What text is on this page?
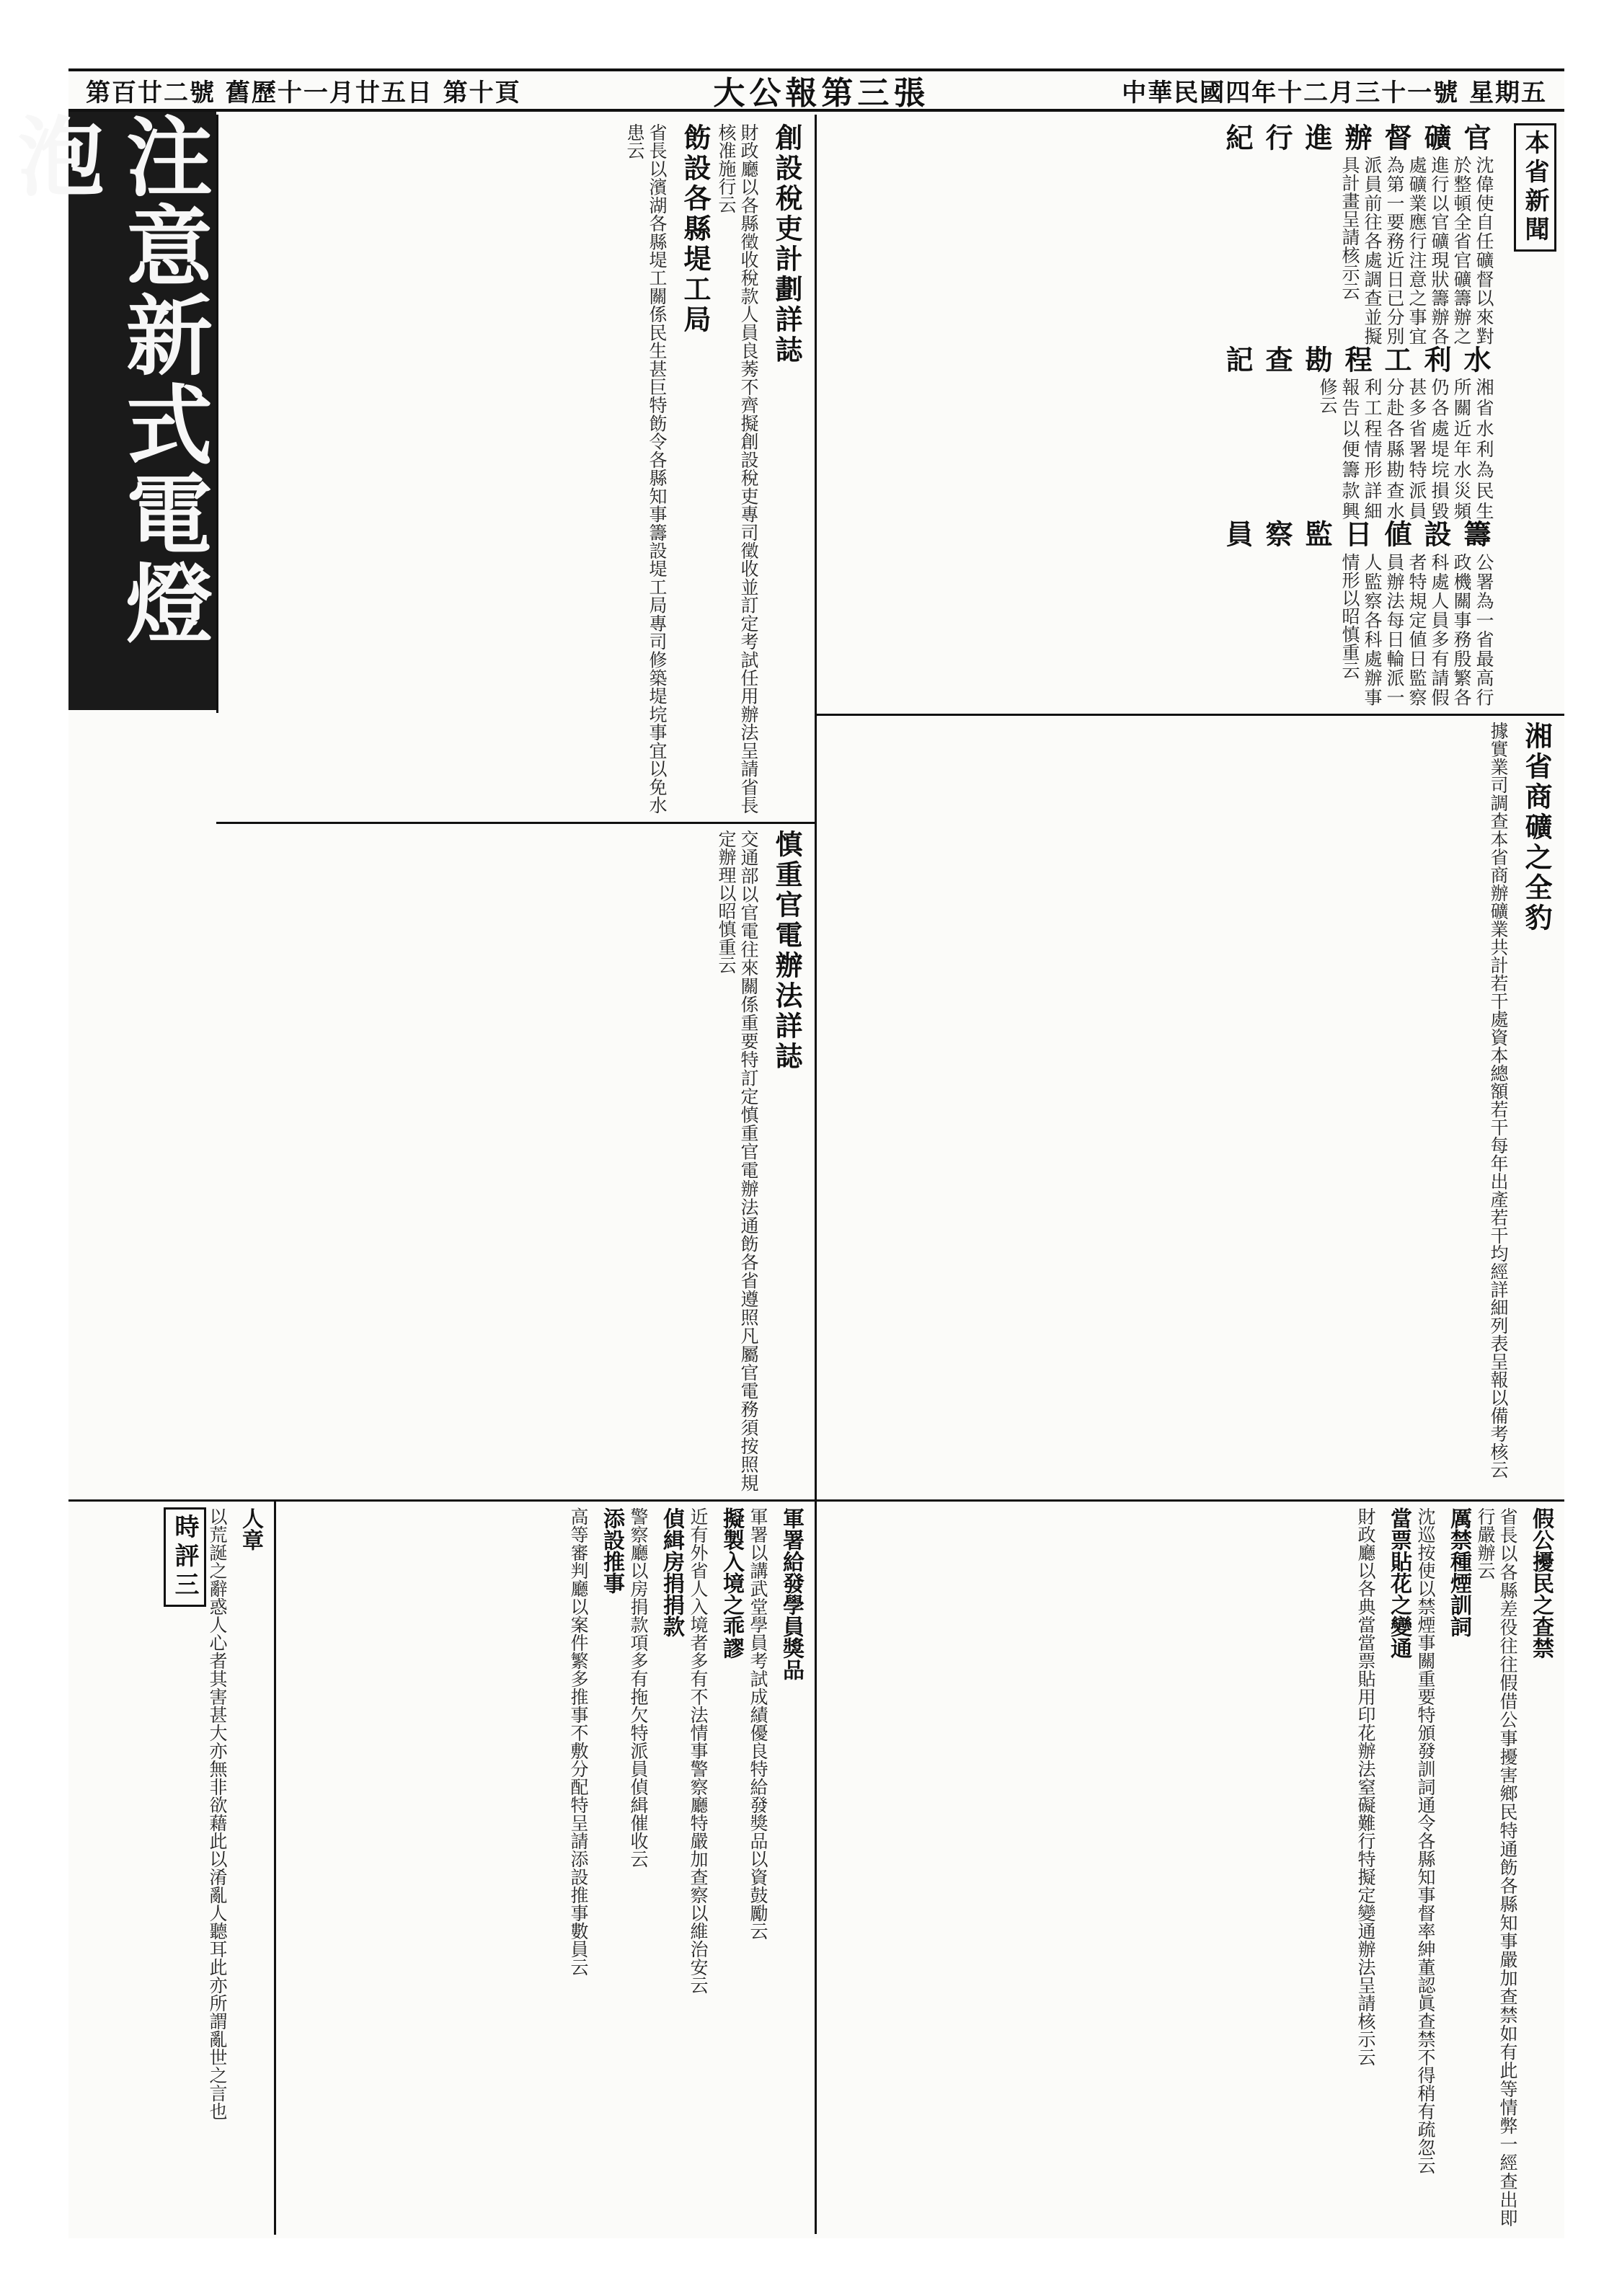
第百廿二號 舊歷十一月廿五日 第十頁	大公報第三張	中華民國四年十二月三十一號 星期五
注意新式電燈泡	本省新聞
官礦督辦進行紀
沈偉使自任礦督以來對於整頓全省官礦籌辦之進行以官礦現狀籌辦各處礦業應行注意之事宜為第一要務近日已分別派員前往各處調查並擬具計畫呈請核示云
水利工程勘查記
湘省水利為民生所關近年水災頻仍各處堤垸損毀甚多省署特派員分赴各縣勘查水利工程情形詳細報告以便籌款興修云
籌設値日監察員
公署為一省最高行政機關事務殷繁各科處人員多有請假者特規定値日監察員辦法每日輪派一人監察各科處辦事情形以昭慎重云
創設稅吏計劃詳誌
財政廳以各縣徵收稅款人員良莠不齊擬創設稅吏專司徵收並訂定考試任用辦法呈請省長核准施行云
飭設各縣堤工局
省長以濱湖各縣堤工關係民生甚巨特飭令各縣知事籌設堤工局專司修築堤垸事宜以免水患云
湘省商礦之全豹
據實業司調查本省商辦礦業共計若干處資本總額若干每年出產若干均經詳細列表呈報以備考核云
慎重官電辦法詳誌
交通部以官電往來關係重要特訂定慎重官電辦法通飭各省遵照凡屬官電務須按照規定辦理以昭慎重云
假公擾民之查禁
省長以各縣差役往往假借公事擾害鄉民特通飭各縣知事嚴加查禁如有此等情弊一經查出即行嚴辦云
厲禁種煙訓詞
沈巡按使以禁煙事關重要特頒發訓詞通令各縣知事督率紳董認眞查禁不得稍有疏忽云
當票貼花之變通
財政廳以各典當當票貼用印花辦法窒礙難行特擬定變通辦法呈請核示云
軍署給發學員獎品
軍署以講武堂學員考試成績優良特給發獎品以資鼓勵云
擬製入境之乖謬
近有外省人入境者多有不法情事警察廳特嚴加查察以維治安云
偵緝房捐捐款
警察廳以房捐款項多有拖欠特派員偵緝催收云
添設推事
高等審判廳以案件繁多推事不敷分配特呈請添設推事數員云
人章
以荒誕之辭惑人心者其害甚大亦無非欲藉此以淆亂人聽耳此亦所謂亂世之言也
時評三
